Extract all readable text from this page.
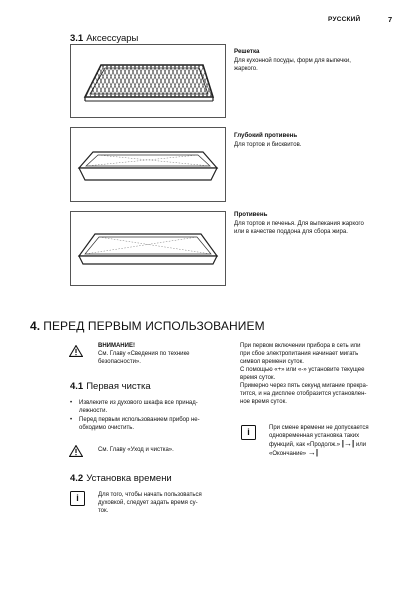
РУССКИЙ	7
3.1 Аксессуары
Решетка
Для кухонной посуды, форм для выпечки,
жаркого.
Глубокий противень
Для тортов и бисквитов.
Противень
Для тортов и печенья. Для выпекания жаркого
или в качестве поддона для сбора жира.
4. ПЕРЕД ПЕРВЫМ ИСПОЛЬЗОВАНИЕМ
ВНИМАНИЕ!
См. Главу «Сведения по технике
безопасности».
4.1 Первая чистка
•	Извлеките из духового шкафа все принад-
лежности.
•	Перед первым использованием прибор не-
обходимо очистить.
См. Главу «Уход и чистка».
4.2 Установка времени
i	Для того, чтобы начать пользоваться
духовкой, следует задать время су-
ток.
При первом включении прибора в сеть или
при сбое электропитания начинает мигать
символ времени суток.
С помощью «+» или «-» установите текущее
время суток.
Примерно через пять секунд мигание прекра-
тится, и на дисплее отобразится установлен-
ное время суток.
i	При смене времени не допускается
одновременная установка таких
функций, как «Продолж.» |→| или
«Окончание» →|
